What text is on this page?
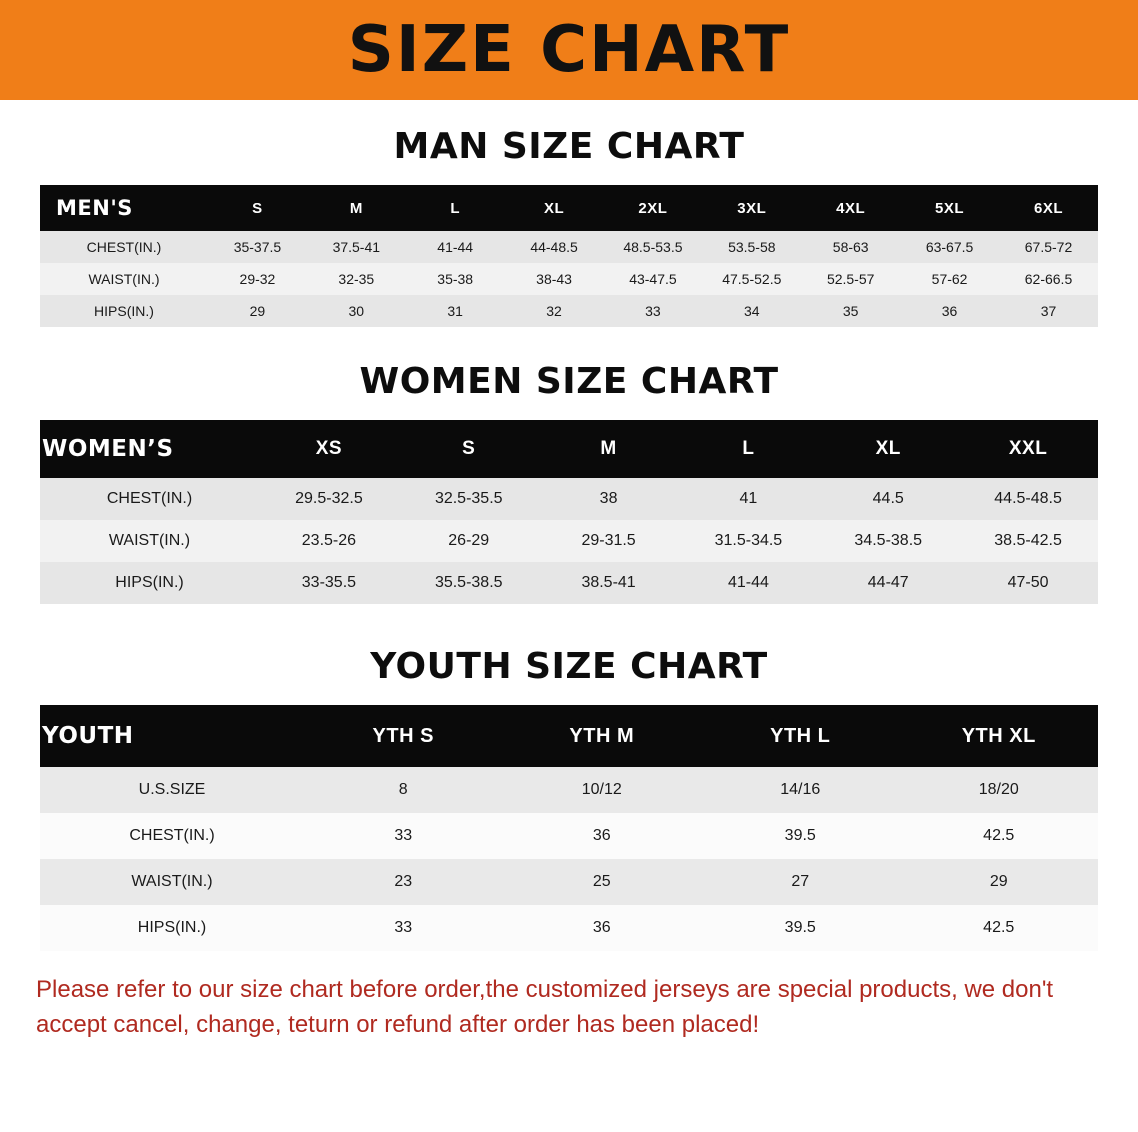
SIZE CHART
MAN SIZE CHART
MEN'S	S	M	L	XL	2XL	3XL	4XL	5XL	6XL
CHEST(IN.)	35-37.5	37.5-41	41-44	44-48.5	48.5-53.5	53.5-58	58-63	63-67.5	67.5-72
WAIST(IN.)	29-32	32-35	35-38	38-43	43-47.5	47.5-52.5	52.5-57	57-62	62-66.5
HIPS(IN.)	29	30	31	32	33	34	35	36	37
WOMEN SIZE CHART
WOMEN’S	XS	S	M	L	XL	XXL
CHEST(IN.)	29.5-32.5	32.5-35.5	38	41	44.5	44.5-48.5
WAIST(IN.)	23.5-26	26-29	29-31.5	31.5-34.5	34.5-38.5	38.5-42.5
HIPS(IN.)	33-35.5	35.5-38.5	38.5-41	41-44	44-47	47-50
YOUTH SIZE CHART
YOUTH	YTH S	YTH M	YTH L	YTH XL
U.S.SIZE	8	10/12	14/16	18/20
CHEST(IN.)	33	36	39.5	42.5
WAIST(IN.)	23	25	27	29
HIPS(IN.)	33	36	39.5	42.5
Please refer to our size chart before order,the customized jerseys are special products, we don't accept cancel, change, teturn or refund after order has been placed!
